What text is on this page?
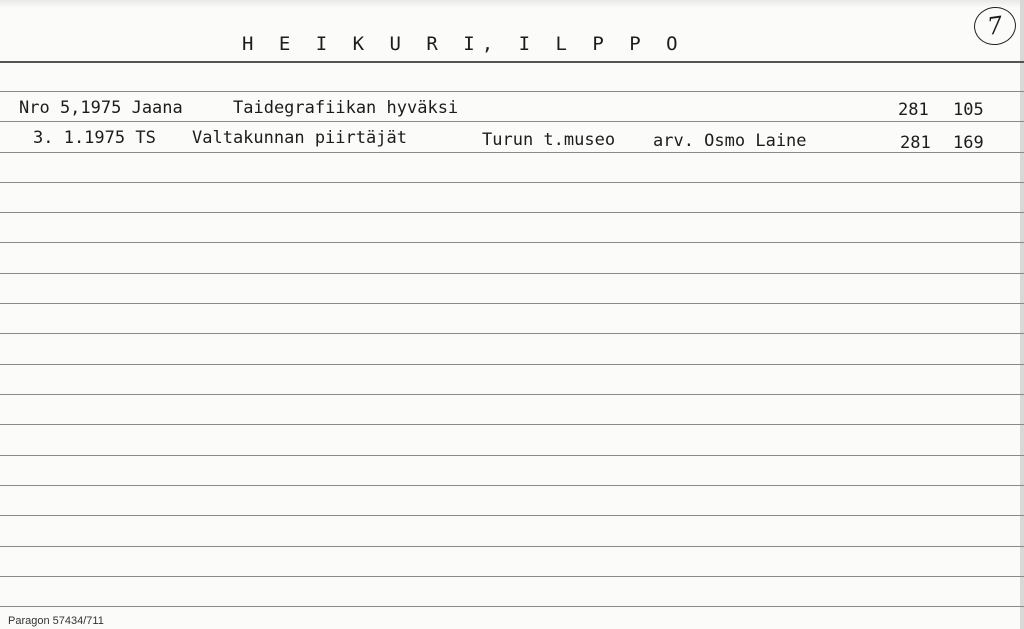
H E I K U R I, I L P P O
7
Nro 5,1975 Jaana	Taidegrafiikan hyväksi	281 105
3. 1.1975 TS Valtakunnan piirtäjät	Turun t.museo arv. Osmo Laine	281 169
Paragon 57434/711
